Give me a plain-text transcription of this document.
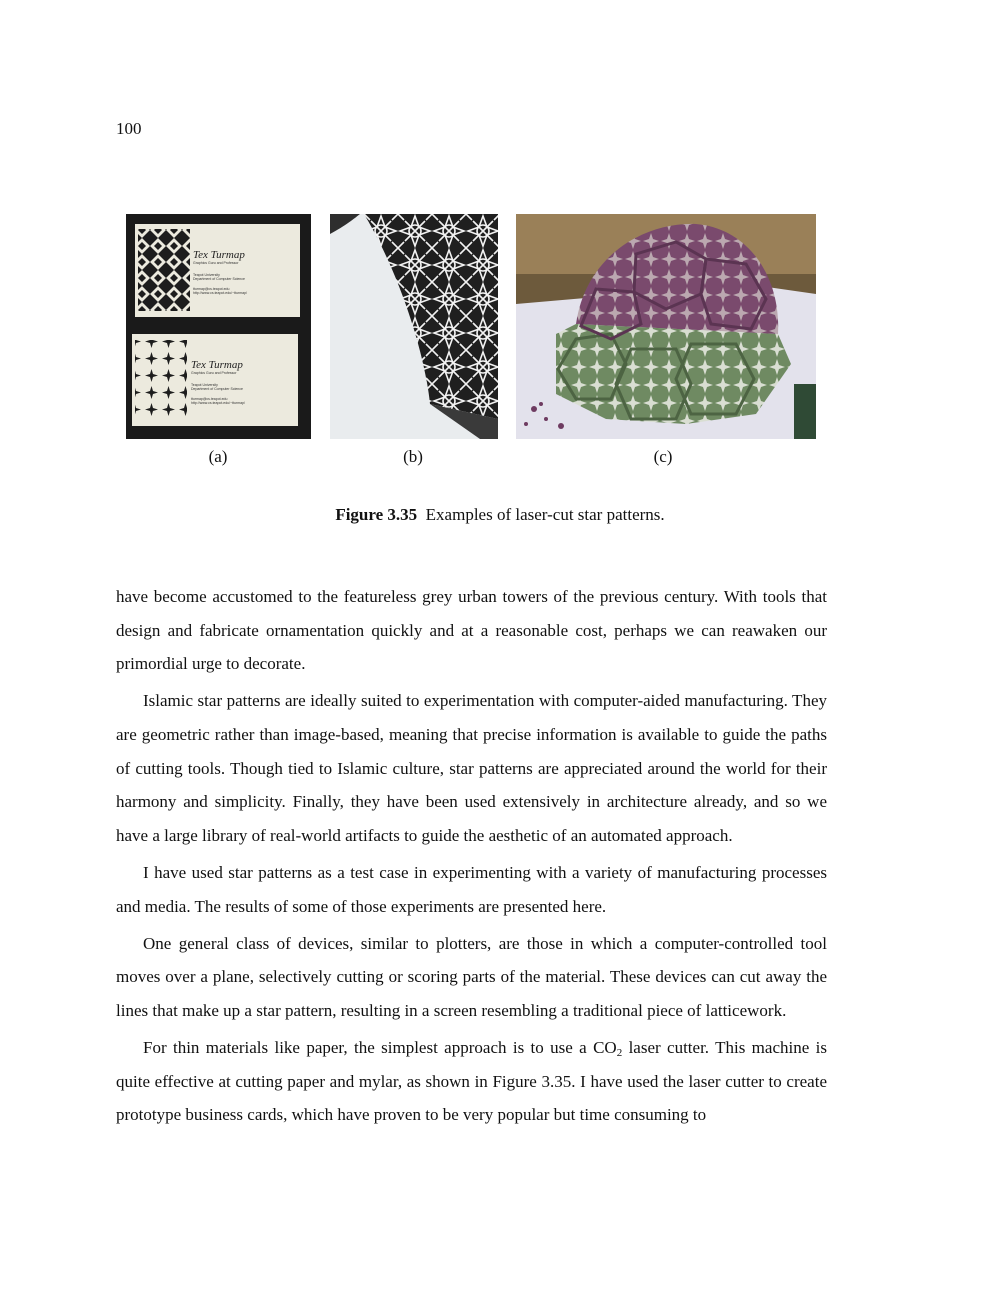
100
Tex Turmap
Graphics Guru and Professor
Teapot University
Department of Computer Science
tturmap@cs.teapot.edu
http://www.cs.teapot.edu/~tturmap/
Tex Turmap
Graphics Guru and Professor
Teapot University
Department of Computer Science
tturmap@cs.teapot.edu
http://www.cs.teapot.edu/~tturmap/
(a)	(b)	(c)
Figure 3.35 Examples of laser-cut star patterns.

have become accustomed to the featureless grey urban towers of the previous century. With tools that design and fabricate ornamentation quickly and at a reasonable cost, perhaps we can reawaken our primordial urge to decorate.

Islamic star patterns are ideally suited to experimentation with computer-aided manufacturing. They are geometric rather than image-based, meaning that precise information is available to guide the paths of cutting tools. Though tied to Islamic culture, star patterns are appreciated around the world for their harmony and simplicity. Finally, they have been used extensively in architecture already, and so we have a large library of real-world artifacts to guide the aesthetic of an automated approach.

I have used star patterns as a test case in experimenting with a variety of manufacturing processes and media. The results of some of those experiments are presented here.

One general class of devices, similar to plotters, are those in which a computer-controlled tool moves over a plane, selectively cutting or scoring parts of the material. These devices can cut away the lines that make up a star pattern, resulting in a screen resembling a traditional piece of latticework.

For thin materials like paper, the simplest approach is to use a $CO_2$ laser cutter. This machine is quite effective at cutting paper and mylar, as shown in Figure 3.35. I have used the laser cutter to create prototype business cards, which have proven to be very popular but time consuming to
